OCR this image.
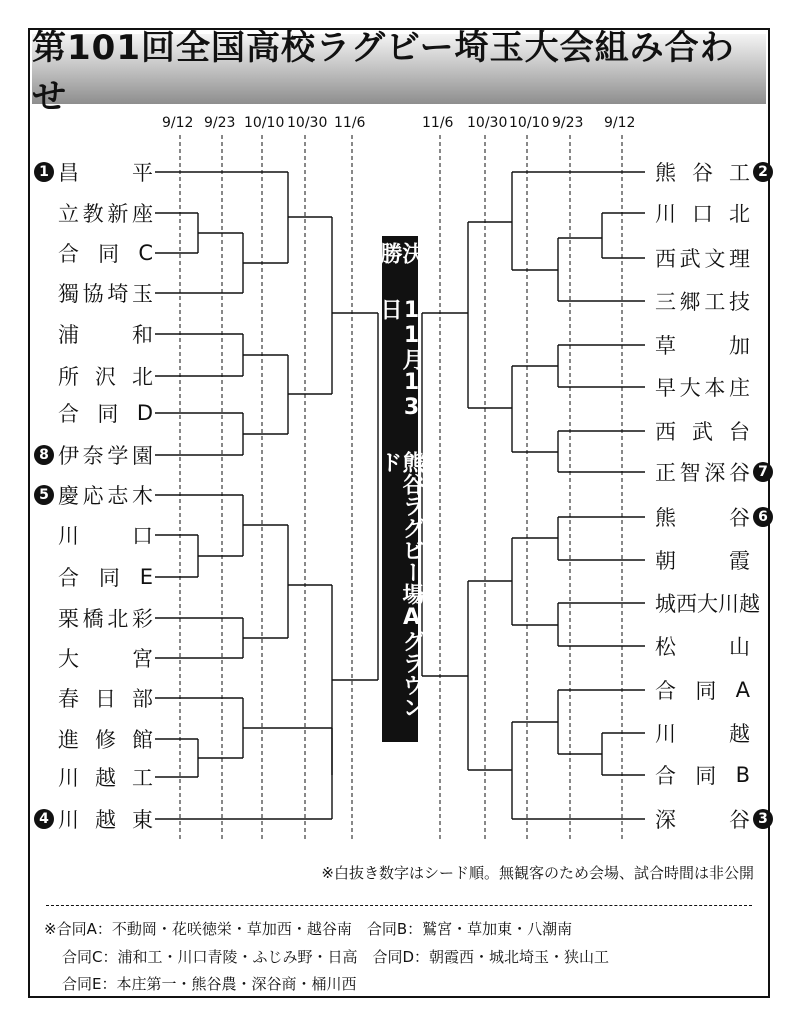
第101回全国高校ラグビー埼玉大会組み合わせ
9/12 9/23 10/10 10/30 11/6	11/6 10/30 10/10 9/23 9/12
昌	平
1
立 教 新 座
合 同 C
獨 協 埼 玉
浦	和
所 沢 北
合 同 D
伊 奈 学 園
8
慶 応 志 木
5
川	口
合 同 E
栗 橋 北 彩
大	宮
春 日 部
進 修 館
川 越 工
川 越 東
4
熊 谷 工 2
川 口 北
西 武 文 理
三 郷 工 技
草	加
早 大 本 庄
西 武 台
正 智 深 谷 7
熊	谷 6
朝	霞
城 西 大 川 越
松	山
合 同 A
川	越
合 同 B
深	谷 3
決勝
11月13日
熊谷ラグビー場Aグラウンド
※白抜き数字はシード順。無観客のため会場、試合時間は非公開
※合同A：不動岡・花咲徳栄・草加西・越谷南　合同B：鷲宮・草加東・八潮南
合同C：浦和工・川口青陵・ふじみ野・日高　合同D：朝霞西・城北埼玉・狭山工
合同E：本庄第一・熊谷農・深谷商・桶川西
